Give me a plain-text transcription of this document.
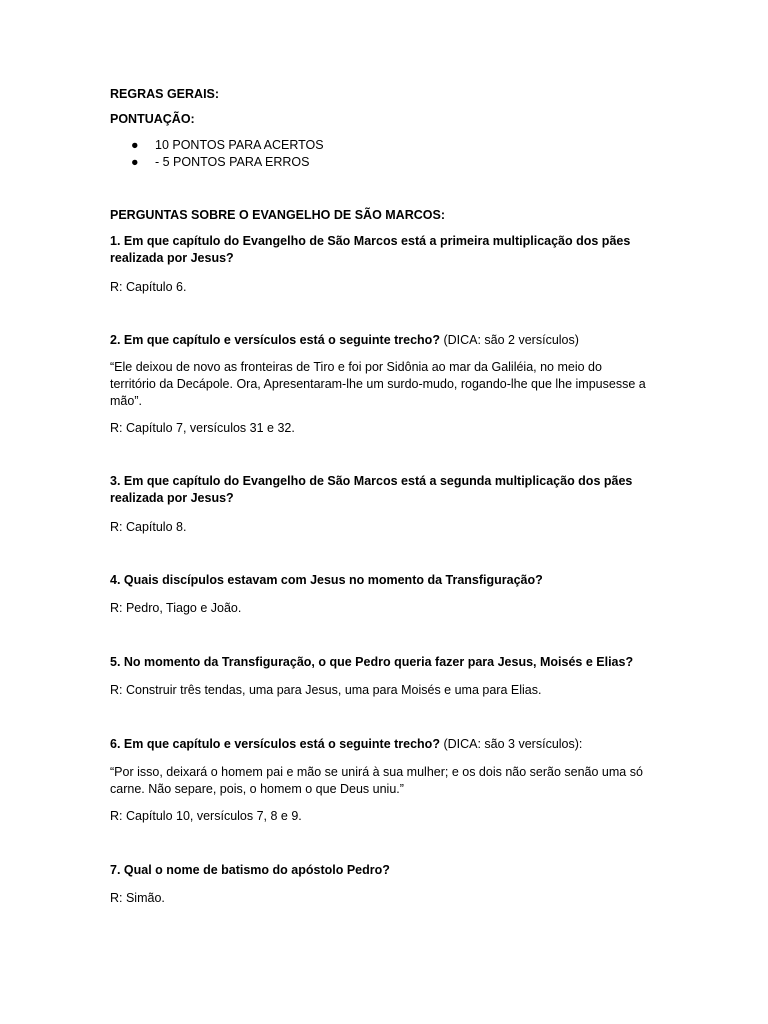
REGRAS GERAIS:

PONTUAÇÃO:

● 10 PONTOS PARA ACERTOS
● - 5 PONTOS PARA ERROS

PERGUNTAS SOBRE O EVANGELHO DE SÃO MARCOS:

1. Em que capítulo do Evangelho de São Marcos está a primeira multiplicação dos pães realizada por Jesus?

R: Capítulo 6.

2. Em que capítulo e versículos está o seguinte trecho? (DICA: são 2 versículos)

“Ele deixou de novo as fronteiras de Tiro e foi por Sidônia ao mar da Galiléia, no meio do território da Decápole. Ora, Apresentaram-lhe um surdo-mudo, rogando-lhe que lhe impusesse a mão”.

R: Capítulo 7, versículos 31 e 32.

3. Em que capítulo do Evangelho de São Marcos está a segunda multiplicação dos pães realizada por Jesus?

R: Capítulo 8.

4. Quais discípulos estavam com Jesus no momento da Transfiguração?

R: Pedro, Tiago e João.

5. No momento da Transfiguração, o que Pedro queria fazer para Jesus, Moisés e Elias?

R: Construir três tendas, uma para Jesus, uma para Moisés e uma para Elias.

6. Em que capítulo e versículos está o seguinte trecho? (DICA: são 3 versículos):

“Por isso, deixará o homem pai e mão se unirá à sua mulher; e os dois não serão senão uma só carne. Não separe, pois, o homem o que Deus uniu.”

R: Capítulo 10, versículos 7, 8 e 9.

7. Qual o nome de batismo do apóstolo Pedro?

R: Simão.
